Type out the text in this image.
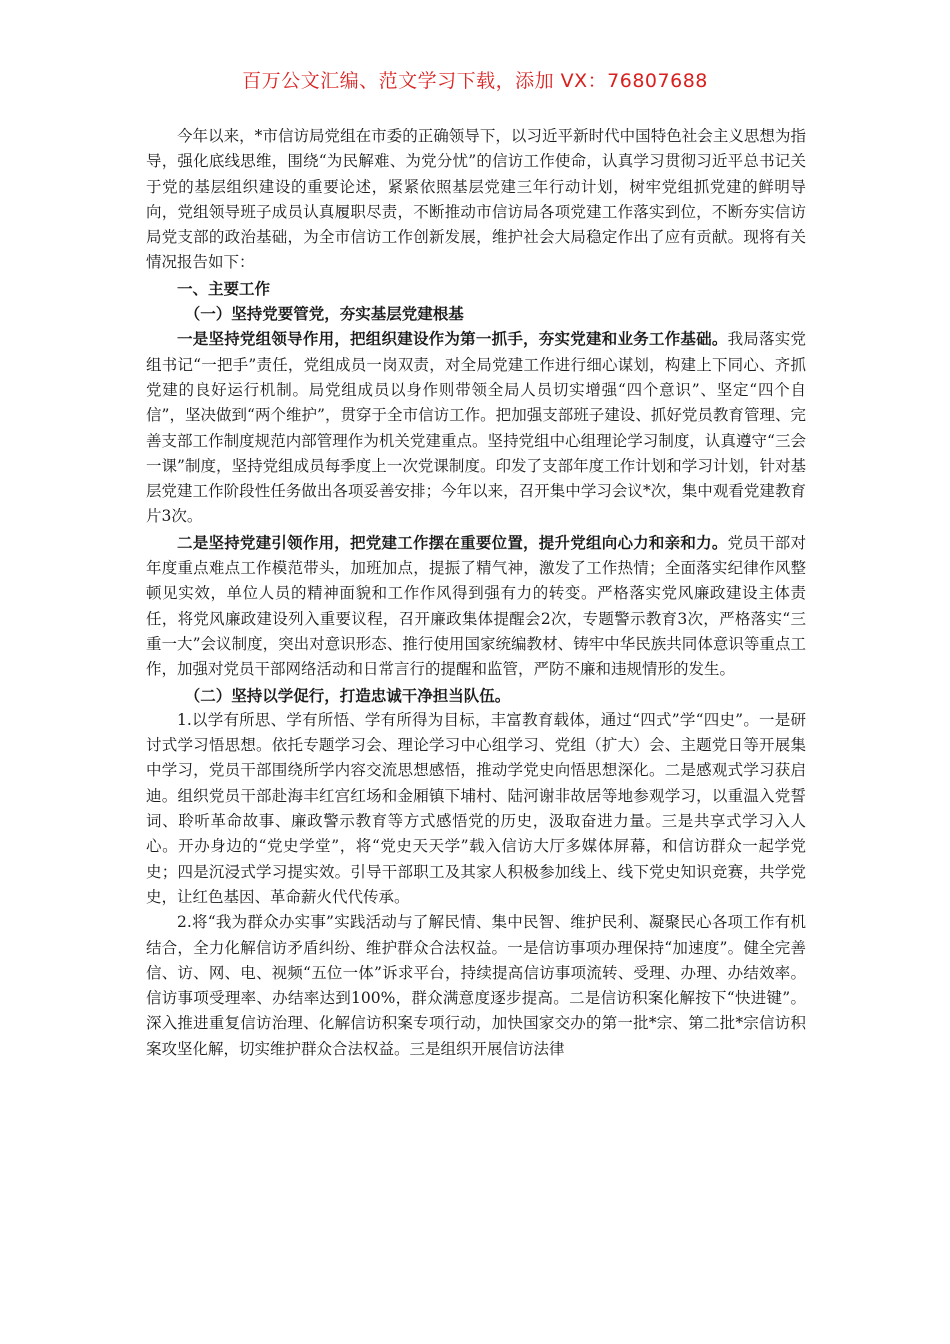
百万公文汇编、范文学习下载，添加 VX：76807688

今年以来，*市信访局党组在市委的正确领导下，以习近平新时代中国特色社会主义思想为指导，强化底线思维，围绕“为民解难、为党分忧”的信访工作使命，认真学习贯彻习近平总书记关于党的基层组织建设的重要论述，紧紧依照基层党建三年行动计划，树牢党组抓党建的鲜明导向，党组领导班子成员认真履职尽责，不断推动市信访局各项党建工作落实到位，不断夯实信访局党支部的政治基础，为全市信访工作创新发展，维护社会大局稳定作出了应有贡献。现将有关情况报告如下：

一、主要工作

（一）坚持党要管党，夯实基层党建根基

一是坚持党组领导作用，把组织建设作为第一抓手，夯实党建和业务工作基础。我局落实党组书记“一把手”责任，党组成员一岗双责，对全局党建工作进行细心谋划，构建上下同心、齐抓党建的良好运行机制。局党组成员以身作则带领全局人员切实增强“四个意识”、坚定“四个自信”，坚决做到“两个维护”，贯穿于全市信访工作。把加强支部班子建设、抓好党员教育管理、完善支部工作制度规范内部管理作为机关党建重点。坚持党组中心组理论学习制度，认真遵守“三会一课”制度，坚持党组成员每季度上一次党课制度。印发了支部年度工作计划和学习计划，针对基层党建工作阶段性任务做出各项妥善安排；今年以来，召开集中学习会议*次，集中观看党建教育片3次。

二是坚持党建引领作用，把党建工作摆在重要位置，提升党组向心力和亲和力。党员干部对年度重点难点工作模范带头，加班加点，提振了精气神，激发了工作热情；全面落实纪律作风整顿见实效，单位人员的精神面貌和工作作风得到强有力的转变。严格落实党风廉政建设主体责任，将党风廉政建设列入重要议程，召开廉政集体提醒会2次，专题警示教育3次，严格落实“三重一大”会议制度，突出对意识形态、推行使用国家统编教材、铸牢中华民族共同体意识等重点工作，加强对党员干部网络活动和日常言行的提醒和监管，严防不廉和违规情形的发生。

（二）坚持以学促行，打造忠诚干净担当队伍。

1.以学有所思、学有所悟、学有所得为目标，丰富教育载体，通过“四式”学“四史”。一是研讨式学习悟思想。依托专题学习会、理论学习中心组学习、党组（扩大）会、主题党日等开展集中学习，党员干部围绕所学内容交流思想感悟，推动学党史向悟思想深化。二是感观式学习获启迪。组织党员干部赴海丰红宫红场和金厢镇下埔村、陆河谢非故居等地参观学习，以重温入党誓词、聆听革命故事、廉政警示教育等方式感悟党的历史，汲取奋进力量。三是共享式学习入人心。开办身边的“党史学堂”，将“党史天天学”载入信访大厅多媒体屏幕，和信访群众一起学党史；四是沉浸式学习提实效。引导干部职工及其家人积极参加线上、线下党史知识竞赛，共学党史，让红色基因、革命薪火代代传承。

2.将“我为群众办实事”实践活动与了解民情、集中民智、维护民利、凝聚民心各项工作有机结合，全力化解信访矛盾纠纷、维护群众合法权益。一是信访事项办理保持“加速度”。健全完善信、访、网、电、视频“五位一体”诉求平台，持续提高信访事项流转、受理、办理、办结效率。信访事项受理率、办结率达到100%，群众满意度逐步提高。二是信访积案化解按下“快进键”。深入推进重复信访治理、化解信访积案专项行动，加快国家交办的第一批*宗、第二批*宗信访积案攻坚化解，切实维护群众合法权益。三是组织开展信访法律
